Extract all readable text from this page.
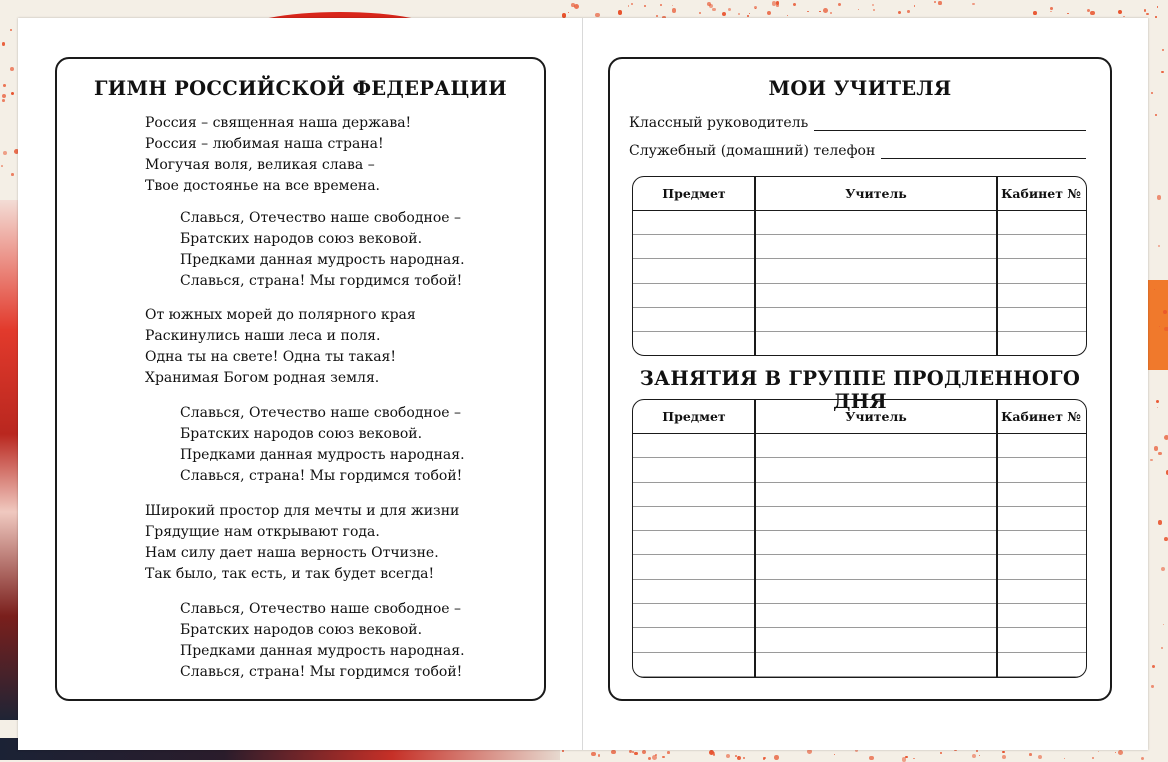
ГИМН РОССИЙСКОЙ ФЕДЕРАЦИИ
Россия – священная наша держава!
Россия – любимая наша страна!
Могучая воля, великая слава –
Твое достоянье на все времена.
Славься, Отечество наше свободное –
Братских народов союз вековой.
Предками данная мудрость народная.
Славься, страна! Мы гордимся тобой!
От южных морей до полярного края
Раскинулись наши леса и поля.
Одна ты на свете! Одна ты такая!
Хранимая Богом родная земля.
Славься, Отечество наше свободное –
Братских народов союз вековой.
Предками данная мудрость народная.
Славься, страна! Мы гордимся тобой!
Широкий простор для мечты и для жизни
Грядущие нам открывают года.
Нам силу дает наша верность Отчизне.
Так было, так есть, и так будет всегда!
Славься, Отечество наше свободное –
Братских народов союз вековой.
Предками данная мудрость народная.
Славься, страна! Мы гордимся тобой!
МОИ УЧИТЕЛЯ
Классный руководитель
Служебный (домашний) телефон
Предмет	Учитель	Кабинет №
ЗАНЯТИЯ В ГРУППЕ ПРОДЛЕННОГО ДНЯ
Предмет	Учитель	Кабинет №
